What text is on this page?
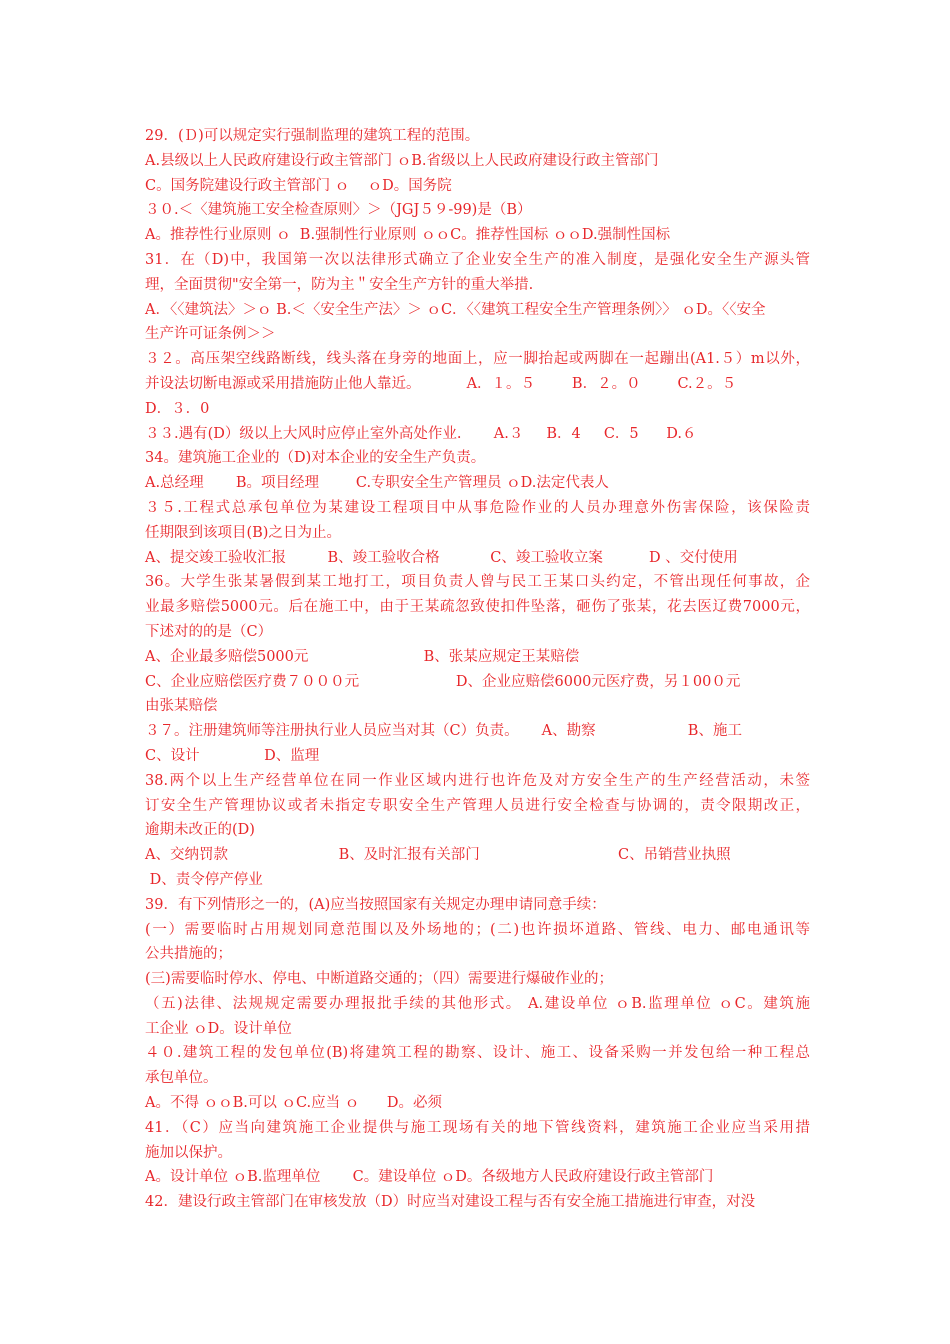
29．(Ｄ)可以规定实行强制监理的建筑工程的范围。
A.县级以上人民政府建设行政主管部门 ｏB.省级以上人民政府建设行政主管部门
C。国务院建设行政主管部门 ｏ    ｏD。国务院
３０.＜〈建筑施工安全检查原则〉＞（JGJ５９-99)是（B）
A。推荐性行业原则 ｏ  B.强制性行业原则 ｏｏC。推荐性国标 ｏｏD.强制性国标
31．在（D)中，我国第一次以法律形式确立了企业安全生产的准入制度，是强化安全生产源头管
理，全面贯彻"安全第一，防为主＂安全生产方针的重大举措.
A．〈〈建筑法〉＞ｏ B.＜〈安全生产法〉＞ ｏC．〈〈建筑工程安全生产管理条例〉〉 ｏD。〈〈安全
生产许可证条例＞＞
３２。高压架空线路断线，线头落在身旁的地面上，应一脚抬起或两脚在一起蹦出(A1.５）m以外，
并设法切断电源或采用措施防止他人靠近。          A．１。５        B．２。０        C.２。５
D．３．0
３３.遇有(D）级以上大风时应停止室外高处作业.       A.３     B．4     C．5      D.６
34。建筑施工企业的（D)对本企业的安全生产负责。
A.总经理       B。项目经理        C.专职安全生产管理员 ｏD.法定代表人
３５.工程式总承包单位为某建设工程项目中从事危险作业的人员办理意外伤害保险，该保险责
任期限到该项目(B)之日为止。
A、提交竣工验收汇报         B、竣工验收合格           C、竣工验收立案          D 、交付使用
36。大学生张某暑假到某工地打工，项目负责人曾与民工王某口头约定，不管出现任何事故，企
业最多赔偿5000元。后在施工中，由于王某疏忽致使扣件坠落，砸伤了张某，花去医辽费7000元，
下述对的的是（C）
A、企业最多赔偿5000元                         B、张某应规定王某赔偿
C、企业应赔偿医疗费７０００元                     D、企业应赔偿6000元医疗费，另１00０元
由张某赔偿
３７。注册建筑师等注册执行业人员应当对其（C）负责。     A、勘察                    B、施工
C、设计              D、监理
38.两个以上生产经营单位在同一作业区域内进行也许危及对方安全生产的生产经营活动，未签
订安全生产管理协议或者未指定专职安全生产管理人员进行安全检查与协调的，责令限期改正，
逾期未改正的(D)
A、交纳罚款                        B、及时汇报有关部门                              C、吊销营业执照
D、责令停产停业
39．有下列情形之一的，(A)应当按照国家有关规定办理申请同意手续：
(一）需要临时占用规划同意范围以及外场地的；(二)也许损坏道路、管线、电力、邮电通讯等
公共措施的；
(三)需要临时停水、停电、中断道路交通的；（四）需要进行爆破作业的；
（五)法律、法规规定需要办理报批手续的其他形式。 A.建设单位 ｏB.监理单位 ｏC。建筑施
工企业 ｏD。设计单位
４０.建筑工程的发包单位(B)将建筑工程的勘察、设计、施工、设备采购一并发包给一种工程总
承包单位。
A。不得 ｏｏB.可以 ｏC.应当 ｏ      D。必须
41．（C）应当向建筑施工企业提供与施工现场有关的地下管线资料，建筑施工企业应当采用措
施加以保护。
A。设计单位 ｏB.监理单位       C。建设单位 ｏD。各级地方人民政府建设行政主管部门
42．建设行政主管部门在审核发放（D）时应当对建设工程与否有安全施工措施进行审查，对没
